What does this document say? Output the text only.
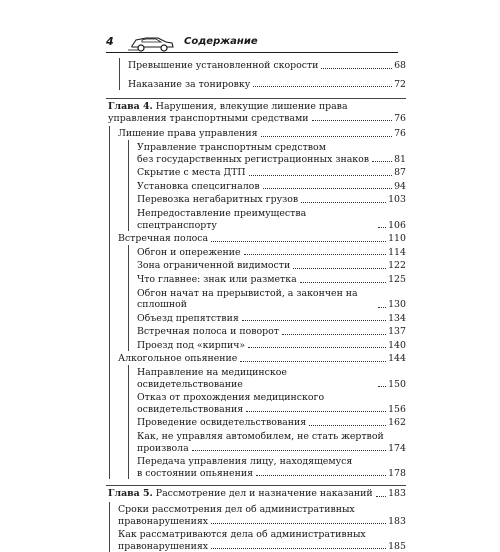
4	Содержание
Превышение установленной скорости	68
Наказание за тонировку	72
Глава 4. Нарушения, влекущие лишение права
управления транспортными средствами	76
Лишение права управления	76
Управление транспортным средством
без государственных регистрационных знаков	81
Скрытие с места ДТП	87
Установка спецсигналов	94
Перевозка негабаритных грузов	103
Непредоставление преимущества спецтранспорту	106
Встречная полоса	110
Обгон и опережение	114
Зона ограниченной видимости	122
Что главнее: знак или разметка	125
Обгон начат на прерывистой, а закончен на сплошной	130
Объезд препятствия	134
Встречная полоса и поворот	137
Проезд под «кирпич»	140
Алкогольное опьянение	144
Направление на медицинское освидетельствование	150
Отказ от прохождения медицинского
освидетельствования	156
Проведение освидетельствования	162
Как, не управляя автомобилем, не стать жертвой
произвола	174
Передача управления лицу, находящемуся
в состоянии опьянения	178
Глава 5. Рассмотрение дел и назначение наказаний 183
Сроки рассмотрения дел об административных
правонарушениях	183
Как рассматриваются дела об административных
правонарушениях	185
